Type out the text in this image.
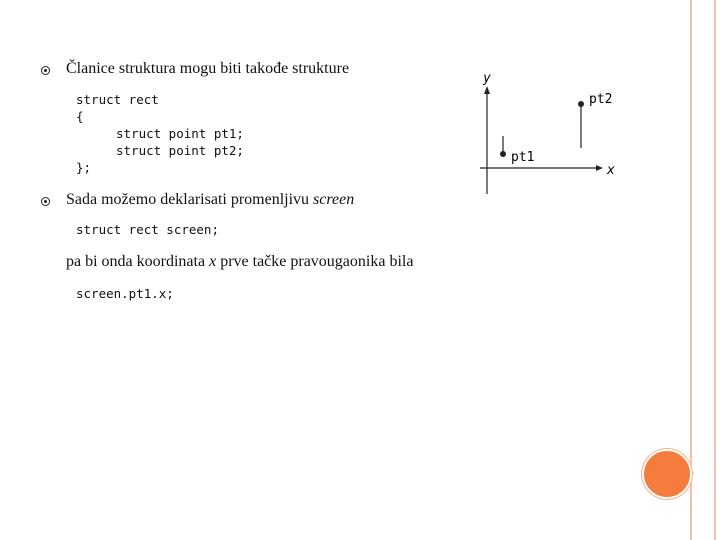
Članice struktura mogu biti takođe strukture
struct rect
{
struct point pt1;
struct point pt2;
};
Sada možemo deklarisati promenljivu screen
struct rect screen;
pa bi onda koordinata x prve tačke pravougaonika bila
screen.pt1.x;
y
x
pt1
pt2
